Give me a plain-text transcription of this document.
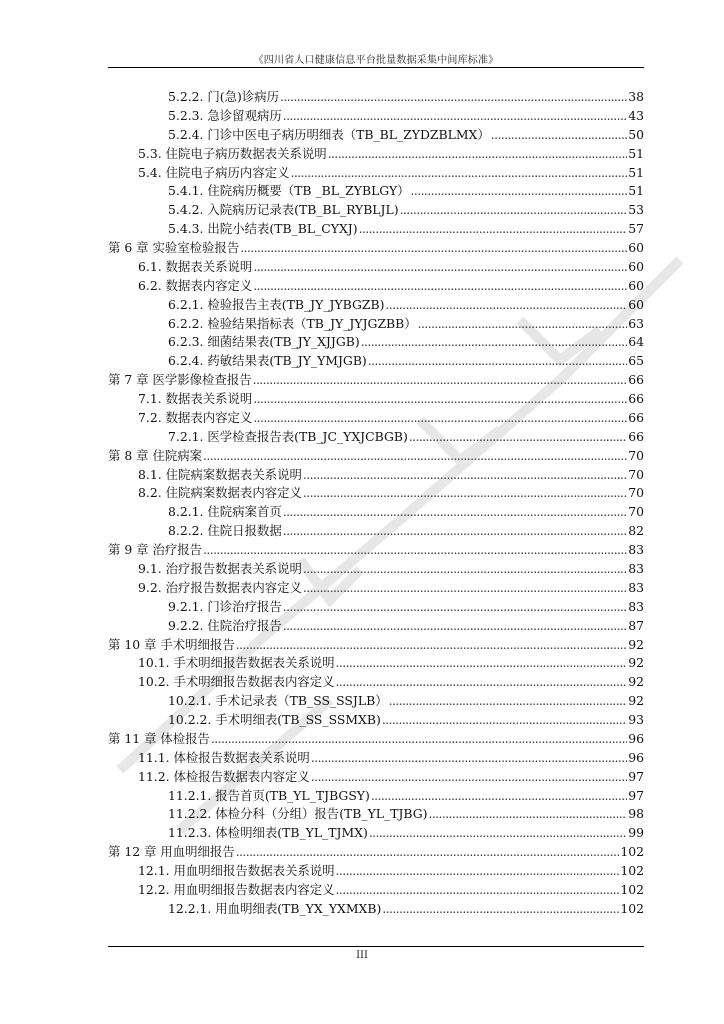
《四川省人口健康信息平台批量数据采集中间库标准》
5.2.2. 门(急)诊病历 .....	38
5.2.3. 急诊留观病历 .....	43
5.2.4. 门诊中医电子病历明细表（TB_BL_ZYDZBLMX） .....	50
5.3. 住院电子病历数据表关系说明 .....	51
5.4. 住院电子病历内容定义 .....	51
5.4.1. 住院病历概要（TB _BL_ZYBLGY） .....	51
5.4.2. 入院病历记录表(TB_BL_RYBLJL) .....	53
5.4.3. 出院小结表(TB_BL_CYXJ) .....	57
第 6 章 实验室检验报告 .....	60
6.1. 数据表关系说明 .....	60
6.2. 数据表内容定义 .....	60
6.2.1. 检验报告主表(TB_JY_JYBGZB) .....	60
6.2.2. 检验结果指标表（TB_JY_JYJGZBB） .....	63
6.2.3. 细菌结果表(TB_JY_XJJGB) .....	64
6.2.4. 药敏结果表(TB_JY_YMJGB) .....	65
第 7 章 医学影像检查报告 .....	66
7.1. 数据表关系说明 .....	66
7.2. 数据表内容定义 .....	66
7.2.1. 医学检查报告表(TB_JC_YXJCBGB) .....	66
第 8 章 住院病案 .....	70
8.1. 住院病案数据表关系说明 .....	70
8.2. 住院病案数据表内容定义 .....	70
8.2.1. 住院病案首页 .....	70
8.2.2. 住院日报数据 .....	82
第 9 章 治疗报告 .....	83
9.1. 治疗报告数据表关系说明 .....	83
9.2. 治疗报告数据表内容定义 .....	83
9.2.1. 门诊治疗报告 .....	83
9.2.2. 住院治疗报告 .....	87
第 10 章 手术明细报告 .....	92
10.1. 手术明细报告数据表关系说明 .....	92
10.2. 手术明细报告数据表内容定义 .....	92
10.2.1. 手术记录表（TB_SS_SSJLB） .....	92
10.2.2. 手术明细表(TB_SS_SSMXB) .....	93
第 11 章 体检报告 .....	96
11.1. 体检报告数据表关系说明 .....	96
11.2. 体检报告数据表内容定义 .....	97
11.2.1. 报告首页(TB_YL_TJBGSY) .....	97
11.2.2. 体检分科（分组）报告(TB_YL_TJBG) .....	98
11.2.3. 体检明细表(TB_YL_TJMX) .....	99
第 12 章 用血明细报告 .....	102
12.1. 用血明细报告数据表关系说明 .....	102
12.2. 用血明细报告数据表内容定义 .....	102
12.2.1. 用血明细表(TB_YX_YXMXB) .....	102
III
